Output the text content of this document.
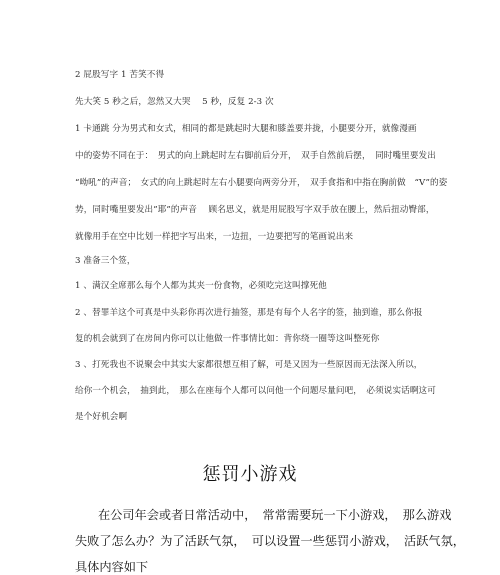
2 屁股写字 1 苦笑不得
先大笑 5 秒之后，忽然又大哭　 5 秒，反复 2-3 次
1 卡通跳 分为男式和女式，相同的都是跳起时大腿和膝盖要并拢，小腿要分开，就像漫画
中的姿势不同在于：　男式的向上跳起时左右脚前后分开，　双手自然前后摆，　同时嘴里要发出
“呦吼”的声音；　女式的向上跳起时左右小腿要向两旁分开，　双手食指和中指在胸前做　“V”的姿
势，同时嘴里要发出”耶”的声音　 顾名思义，就是用屁股写字双手放在腰上，然后扭动臀部，
就像用手在空中比划一样把字写出来，一边扭，一边要把写的笔画说出来
3 准备三个签，
1 、满汉全席那么每个人都为其夹一份食物，必须吃完这叫撑死他
2 、替罪羊这个可真是中头彩你再次进行抽签，那是有每个人名字的签，抽到谁，那么你报
复的机会就到了在房间内你可以让他做一件事情比如：背你绕一圈等这叫整死你
3 、打死我也不说聚会中其实大家都很想互相了解，可是又因为一些原因而无法深入所以，
给你一个机会，　抽到此，　那么在座每个人都可以问他一个问题尽量问吧，　必须说实话啊这可
是个好机会啊
惩罚小游戏
在公司年会或者日常活动中，　常常需要玩一下小游戏，　那么游戏
失败了怎么办？为了活跃气氛，　可以设置一些惩罚小游戏，　活跃气氛，
具体内容如下
